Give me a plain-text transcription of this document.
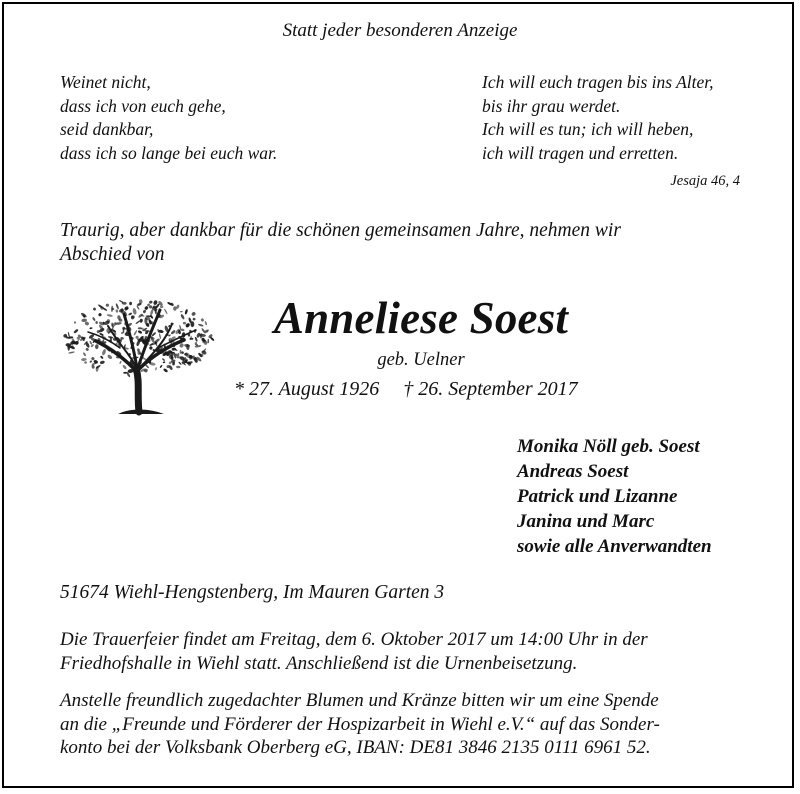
Statt jeder besonderen Anzeige
Weinet nicht,
dass ich von euch gehe,
seid dankbar,
dass ich so lange bei euch war.
Ich will euch tragen bis ins Alter,
bis ihr grau werdet.
Ich will es tun; ich will heben,
ich will tragen und erretten.
Jesaja 46, 4
Traurig, aber dankbar für die schönen gemeinsamen Jahre, nehmen wir
Abschied von
Anneliese Soest
geb. Uelner
* 27. August 1926 † 26. September 2017
Monika Nöll geb. Soest
Andreas Soest
Patrick und Lizanne
Janina und Marc
sowie alle Anverwandten
51674 Wiehl-Hengstenberg, Im Mauren Garten 3
Die Trauerfeier findet am Freitag, dem 6. Oktober 2017 um 14:00 Uhr in der
Friedhofshalle in Wiehl statt. Anschließend ist die Urnenbeisetzung.
Anstelle freundlich zugedachter Blumen und Kränze bitten wir um eine Spende
an die „Freunde und Förderer der Hospizarbeit in Wiehl e.V.“ auf das Sonder-
konto bei der Volksbank Oberberg eG, IBAN: DE81 3846 2135 0111 6961 52.
